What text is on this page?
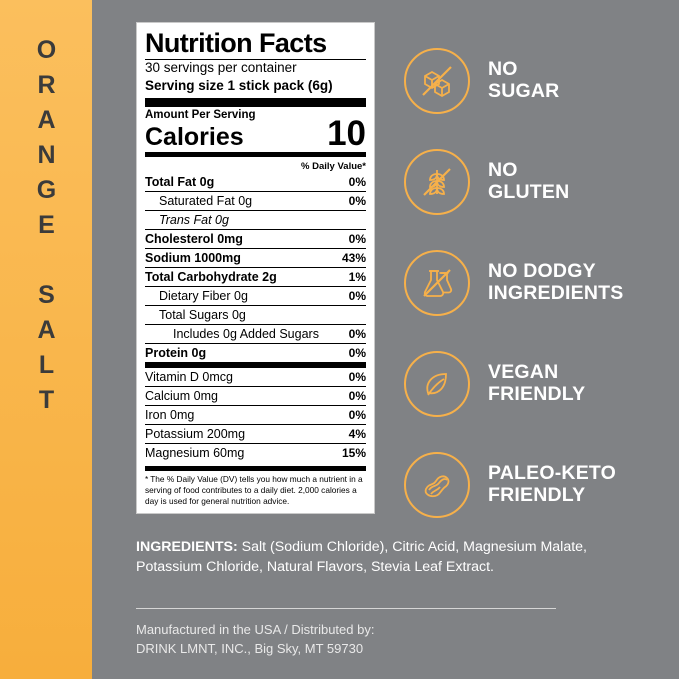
ORANGE SALT	Nutrition Facts
30 servings per container
Serving size 1 stick pack (6g)
Amount Per Serving
Calories 10
% Daily Value*
Total Fat 0g	0%
Saturated Fat 0g	0%
Trans Fat 0g	
Cholesterol 0mg	0%
Sodium 1000mg	43%
Total Carbohydrate 2g	1%
Dietary Fiber 0g	0%
Total Sugars 0g	
Includes 0g Added Sugars	0%
Protein 0g	0%

Vitamin D 0mcg	0%
Calcium 0mg	0%
Iron 0mg	0%
Potassium 200mg	4%
Magnesium 60mg	15%
* The % Daily Value (DV) tells you how much a nutrient in a serving of food contributes to a daily diet. 2,000 calories a day is used for general nutrition advice.
NO
SUGAR
NO
GLUTEN
NO DODGY
INGREDIENTS
VEGAN
FRIENDLY
PALEO-KETO
FRIENDLY
INGREDIENTS: Salt (Sodium Chloride), Citric Acid, Magnesium Malate, Potassium Chloride, Natural Flavors, Stevia Leaf Extract.
Manufactured in the USA / Distributed by:
DRINK LMNT, INC., Big Sky, MT 59730
